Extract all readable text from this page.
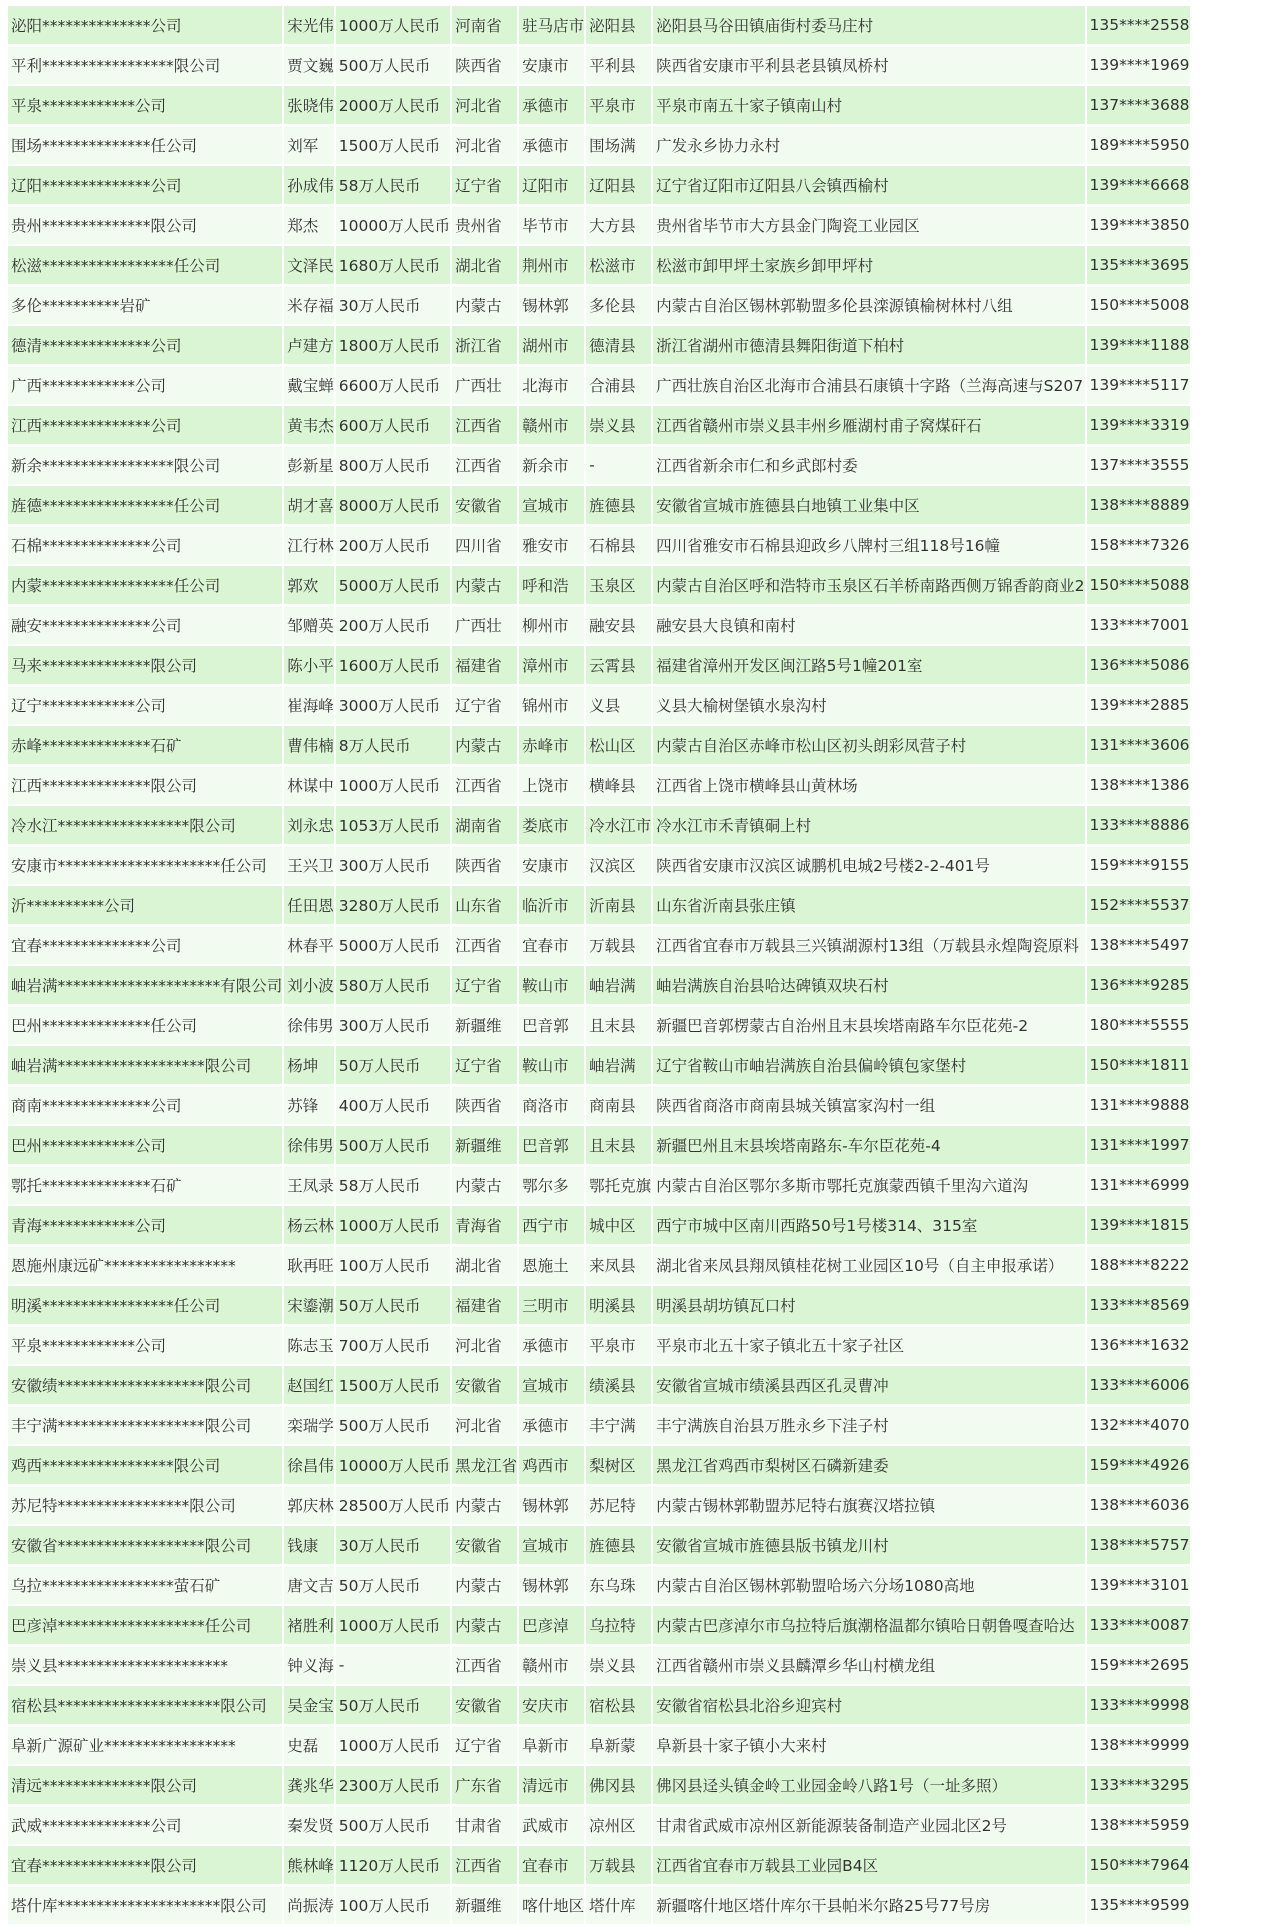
泌阳**************公司	宋光伟	1000万人民币	河南省	驻马店市	泌阳县	泌阳县马谷田镇庙街村委马庄村	135****2558
平利*****************限公司	贾文巍	500万人民币	陕西省	安康市	平利县	陕西省安康市平利县老县镇凤桥村	139****1969
平泉************公司	张晓伟	2000万人民币	河北省	承德市	平泉市	平泉市南五十家子镇南山村	137****3688
围场**************任公司	刘军	1500万人民币	河北省	承德市	围场满	广发永乡协力永村	189****5950
辽阳**************公司	孙成伟	58万人民币	辽宁省	辽阳市	辽阳县	辽宁省辽阳市辽阳县八会镇西榆村	139****6668
贵州**************限公司	郑杰	10000万人民币	贵州省	毕节市	大方县	贵州省毕节市大方县金门陶瓷工业园区	139****3850
松滋*****************任公司	文泽民	1680万人民币	湖北省	荆州市	松滋市	松滋市卸甲坪土家族乡卸甲坪村	135****3695
多伦**********岩矿	米存福	30万人民币	内蒙古	锡林郭	多伦县	内蒙古自治区锡林郭勒盟多伦县滦源镇榆树林村八组	150****5008
德清**************公司	卢建方	1800万人民币	浙江省	湖州市	德清县	浙江省湖州市德清县舞阳街道下柏村	139****1188
广西************公司	戴宝蝉	6600万人民币	广西壮	北海市	合浦县	广西壮族自治区北海市合浦县石康镇十字路（兰海高速与S207	139****5117
江西**************公司	黄韦杰	600万人民币	江西省	赣州市	崇义县	江西省赣州市崇义县丰州乡雁湖村甫子窝煤矸石	139****3319
新余*****************限公司	彭新星	800万人民币	江西省	新余市	-	江西省新余市仁和乡武郎村委	137****3555
旌德*****************任公司	胡才喜	8000万人民币	安徽省	宣城市	旌德县	安徽省宣城市旌德县白地镇工业集中区	138****8889
石棉**************公司	江行林	200万人民币	四川省	雅安市	石棉县	四川省雅安市石棉县迎政乡八牌村三组118号16幢	158****7326
内蒙*****************任公司	郭欢	5000万人民币	内蒙古	呼和浩	玉泉区	内蒙古自治区呼和浩特市玉泉区石羊桥南路西侧万锦香韵商业2	150****5088
融安**************公司	邹赠英	200万人民币	广西壮	柳州市	融安县	融安县大良镇和南村	133****7001
马来**************限公司	陈小平	1600万人民币	福建省	漳州市	云霄县	福建省漳州开发区闽江路5号1幢201室	136****5086
辽宁************公司	崔海峰	3000万人民币	辽宁省	锦州市	义县	义县大榆树堡镇水泉沟村	139****2885
赤峰**************石矿	曹伟楠	8万人民币	内蒙古	赤峰市	松山区	内蒙古自治区赤峰市松山区初头朗彩凤营子村	131****3606
江西**************限公司	林谋中	1000万人民币	江西省	上饶市	横峰县	江西省上饶市横峰县山黄林场	138****1386
冷水江*****************限公司	刘永忠	1053万人民币	湖南省	娄底市	冷水江市	冷水江市禾青镇硐上村	133****8886
安康市*********************任公司	王兴卫	300万人民币	陕西省	安康市	汉滨区	陕西省安康市汉滨区诚鹏机电城2号楼2-2-401号	159****9155
沂**********公司	任田恩	3280万人民币	山东省	临沂市	沂南县	山东省沂南县张庄镇	152****5537
宜春**************公司	林春平	5000万人民币	江西省	宜春市	万载县	江西省宜春市万载县三兴镇湖源村13组（万载县永煌陶瓷原料	138****5497
岫岩满*********************有限公司	刘小波	580万人民币	辽宁省	鞍山市	岫岩满	岫岩满族自治县哈达碑镇双块石村	136****9285
巴州**************任公司	徐伟男	300万人民币	新疆维	巴音郭	且末县	新疆巴音郭楞蒙古自治州且末县埃塔南路车尔臣花苑-2	180****5555
岫岩满*******************限公司	杨坤	50万人民币	辽宁省	鞍山市	岫岩满	辽宁省鞍山市岫岩满族自治县偏岭镇包家堡村	150****1811
商南**************公司	苏锋	400万人民币	陕西省	商洛市	商南县	陕西省商洛市商南县城关镇富家沟村一组	131****9888
巴州************公司	徐伟男	500万人民币	新疆维	巴音郭	且末县	新疆巴州且末县埃塔南路东-车尔臣花苑-4	131****1997
鄂托**************石矿	王凤录	58万人民币	内蒙古	鄂尔多	鄂托克旗	内蒙古自治区鄂尔多斯市鄂托克旗蒙西镇千里沟六道沟	131****6999
青海************公司	杨云林	1000万人民币	青海省	西宁市	城中区	西宁市城中区南川西路50号1号楼314、315室	139****1815
恩施州康远矿*****************	耿再旺	100万人民币	湖北省	恩施土	来凤县	湖北省来凤县翔凤镇桂花树工业园区10号（自主申报承诺）	188****8222
明溪*****************任公司	宋鎏潮	50万人民币	福建省	三明市	明溪县	明溪县胡坊镇瓦口村	133****8569
平泉************公司	陈志玉	700万人民币	河北省	承德市	平泉市	平泉市北五十家子镇北五十家子社区	136****1632
安徽绩*******************限公司	赵国红	1500万人民币	安徽省	宣城市	绩溪县	安徽省宣城市绩溪县西区孔灵曹冲	133****6006
丰宁满*******************限公司	栾瑞学	500万人民币	河北省	承德市	丰宁满	丰宁满族自治县万胜永乡下洼子村	132****4070
鸡西*****************限公司	徐昌伟	10000万人民币	黑龙江省	鸡西市	梨树区	黑龙江省鸡西市梨树区石磷新建委	159****4926
苏尼特*****************限公司	郭庆林	28500万人民币	内蒙古	锡林郭	苏尼特	内蒙古锡林郭勒盟苏尼特右旗赛汉塔拉镇	138****6036
安徽省*******************限公司	钱康	30万人民币	安徽省	宣城市	旌德县	安徽省宣城市旌德县版书镇龙川村	138****5757
乌拉*****************萤石矿	唐文吉	50万人民币	内蒙古	锡林郭	东乌珠	内蒙古自治区锡林郭勒盟哈场六分场1080高地	139****3101
巴彦淖*******************任公司	褚胜利	1000万人民币	内蒙古	巴彦淖	乌拉特	内蒙古巴彦淖尔市乌拉特后旗潮格温都尔镇哈日朝鲁嘎查哈达	133****0087
崇义县**********************	钟义海	-	江西省	赣州市	崇义县	江西省赣州市崇义县麟潭乡华山村横龙组	159****2695
宿松县*********************限公司	吴金宝	50万人民币	安徽省	安庆市	宿松县	安徽省宿松县北浴乡迎宾村	133****9998
阜新广源矿业*****************	史磊	1000万人民币	辽宁省	阜新市	阜新蒙	阜新县十家子镇小大来村	138****9999
清远**************限公司	龚兆华	2300万人民币	广东省	清远市	佛冈县	佛冈县迳头镇金岭工业园金岭八路1号（一址多照）	133****3295
武威**************公司	秦发贤	500万人民币	甘肃省	武威市	凉州区	甘肃省武威市凉州区新能源装备制造产业园北区2号	138****5959
宜春**************限公司	熊林峰	1120万人民币	江西省	宜春市	万载县	江西省宜春市万载县工业园B4区	150****7964
塔什库*********************限公司	尚振涛	100万人民币	新疆维	喀什地区	塔什库	新疆喀什地区塔什库尔干县帕米尔路25号77号房	135****9599
